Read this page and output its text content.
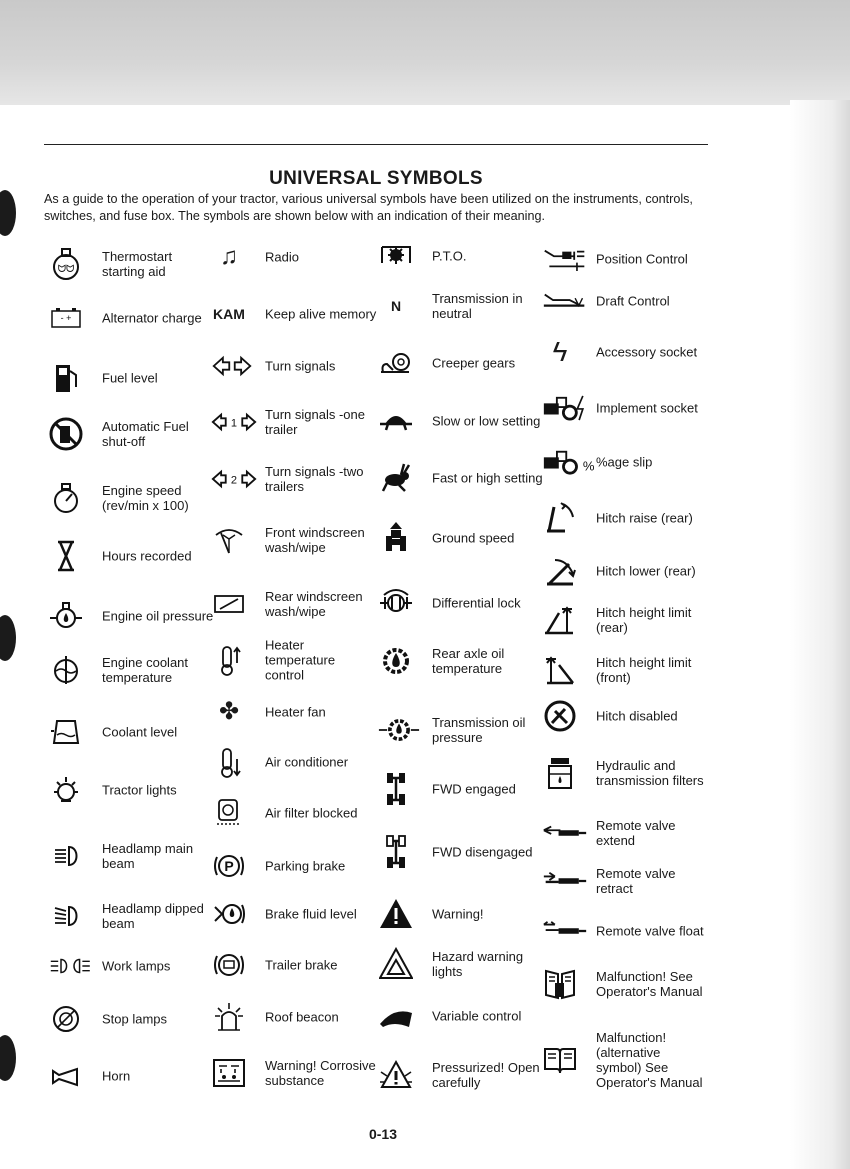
UNIVERSAL SYMBOLS

As a guide to the operation of your tractor, various universal symbols have been utilized on the instruments, controls, switches, and fuse box. The symbols are shown below with an indication of their meaning.

ᗢᗢ
Thermostart starting aid
- + Alternator charge
Fuel level
Automatic Fuel shut-off
Engine speed (rev/min x 100)
Hours recorded
Engine oil pressure
Engine coolant temperature
Coolant level
Tractor lights
Headlamp main beam
Headlamp dipped beam
Work lamps
Stop lamps
Horn
♫	Radio
KAM	Keep alive memory
Turn signals
1
Turn signals -one trailer
2
Turn signals -two trailers
Front windscreen wash/wipe
Rear windscreen wash/wipe
Heater temperature control
✤	Heater fan
Air conditioner
Air filter blocked
P Parking brake
Brake fluid level
Trailer brake
Roof beacon
Warning! Corrosive substance
P.T.O.
N	Transmission in neutral
Creeper gears
Slow or low setting
Fast or high setting
Ground speed
Differential lock
Rear axle oil temperature
Transmission oil pressure
FWD engaged
FWD disengaged
Warning!
Hazard warning lights
Variable control
Pressurized! Open carefully
Position Control
Draft Control
ϟ	Accessory socket
Implement socket
% %age slip
Hitch raise (rear)
Hitch lower (rear)
Hitch height limit (rear)
Hitch height limit (front)
Hitch disabled
Hydraulic and transmission filters
Remote valve extend
Remote valve retract
Remote valve float
Malfunction! See Operator's Manual
Malfunction! (alternative symbol) See Operator's Manual
0-13
